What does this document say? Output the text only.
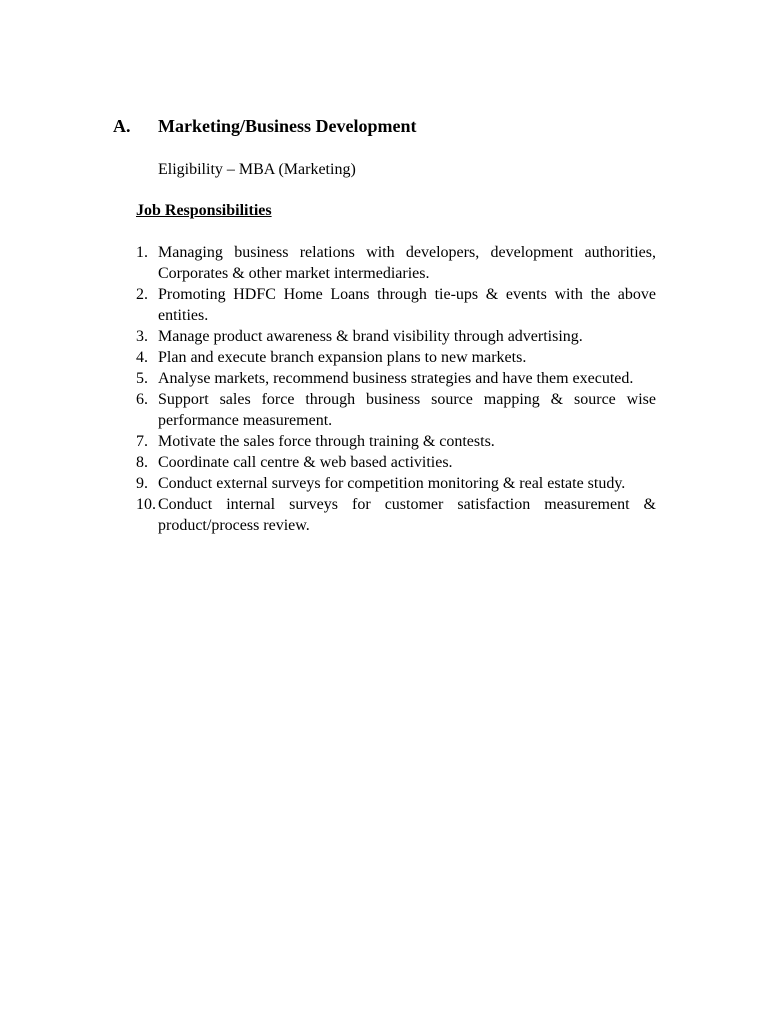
A. Marketing/Business Development
Eligibility – MBA (Marketing)
Job Responsibilities
1. Managing business relations with developers, development authorities, Corporates & other market intermediaries.
2. Promoting HDFC Home Loans through tie-ups & events with the above entities.
3. Manage product awareness & brand visibility through advertising.
4. Plan and execute branch expansion plans to new markets.
5. Analyse markets, recommend business strategies and have them executed.
6. Support sales force through business source mapping & source wise performance measurement.
7. Motivate the sales force through training & contests.
8. Coordinate call centre & web based activities.
9. Conduct external surveys for competition monitoring & real estate study.
10. Conduct internal surveys for customer satisfaction measurement & product/process review.
